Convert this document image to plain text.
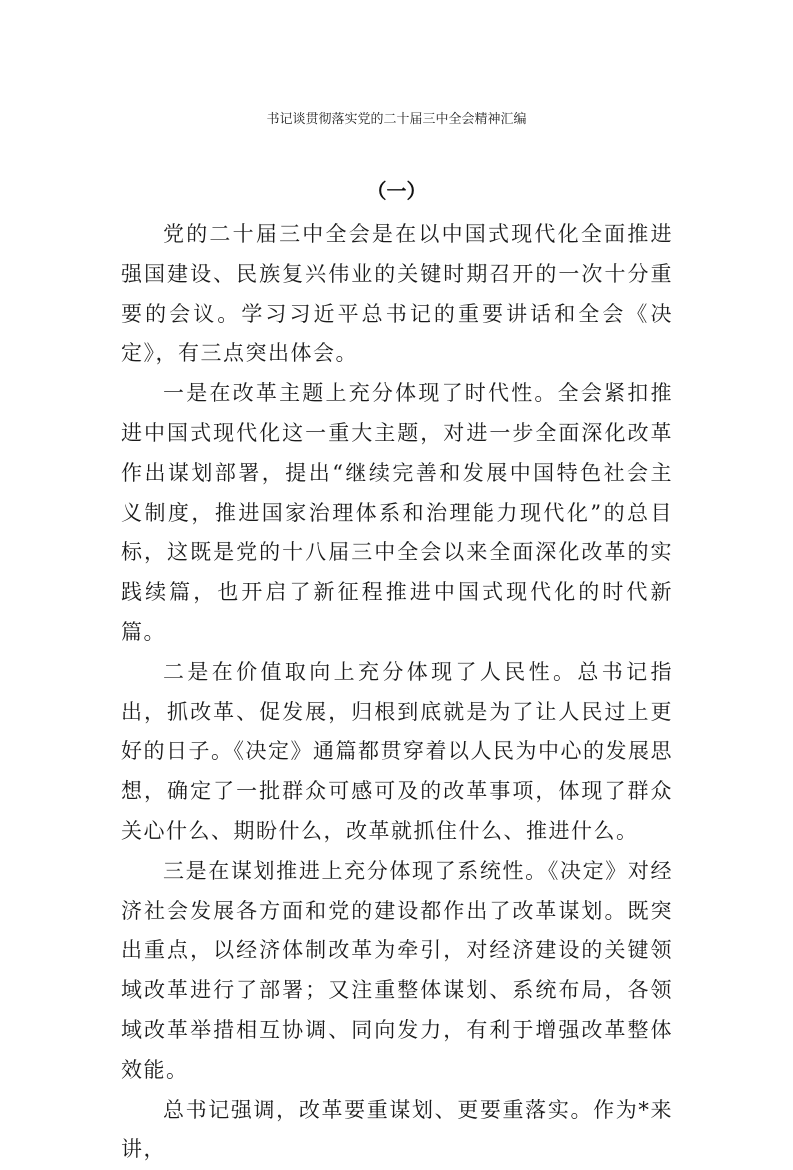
书记谈贯彻落实党的二十届三中全会精神汇编
（一）

党的二十届三中全会是在以中国式现代化全面推进强国建设、民族复兴伟业的关键时期召开的一次十分重要的会议。学习习近平总书记的重要讲话和全会《决定》，有三点突出体会。

一是在改革主题上充分体现了时代性。全会紧扣推进中国式现代化这一重大主题，对进一步全面深化改革作出谋划部署，提出“继续完善和发展中国特色社会主义制度，推进国家治理体系和治理能力现代化”的总目标，这既是党的十八届三中全会以来全面深化改革的实践续篇，也开启了新征程推进中国式现代化的时代新篇。

二是在价值取向上充分体现了人民性。总书记指出，抓改革、促发展，归根到底就是为了让人民过上更好的日子。《决定》通篇都贯穿着以人民为中心的发展思想，确定了一批群众可感可及的改革事项，体现了群众关心什么、期盼什么，改革就抓住什么、推进什么。

三是在谋划推进上充分体现了系统性。《决定》对经济社会发展各方面和党的建设都作出了改革谋划。既突出重点，以经济体制改革为牵引，对经济建设的关键领域改革进行了部署；又注重整体谋划、系统布局，各领域改革举措相互协调、同向发力，有利于增强改革整体效能。

总书记强调，改革要重谋划、更要重落实。作为*来讲，
